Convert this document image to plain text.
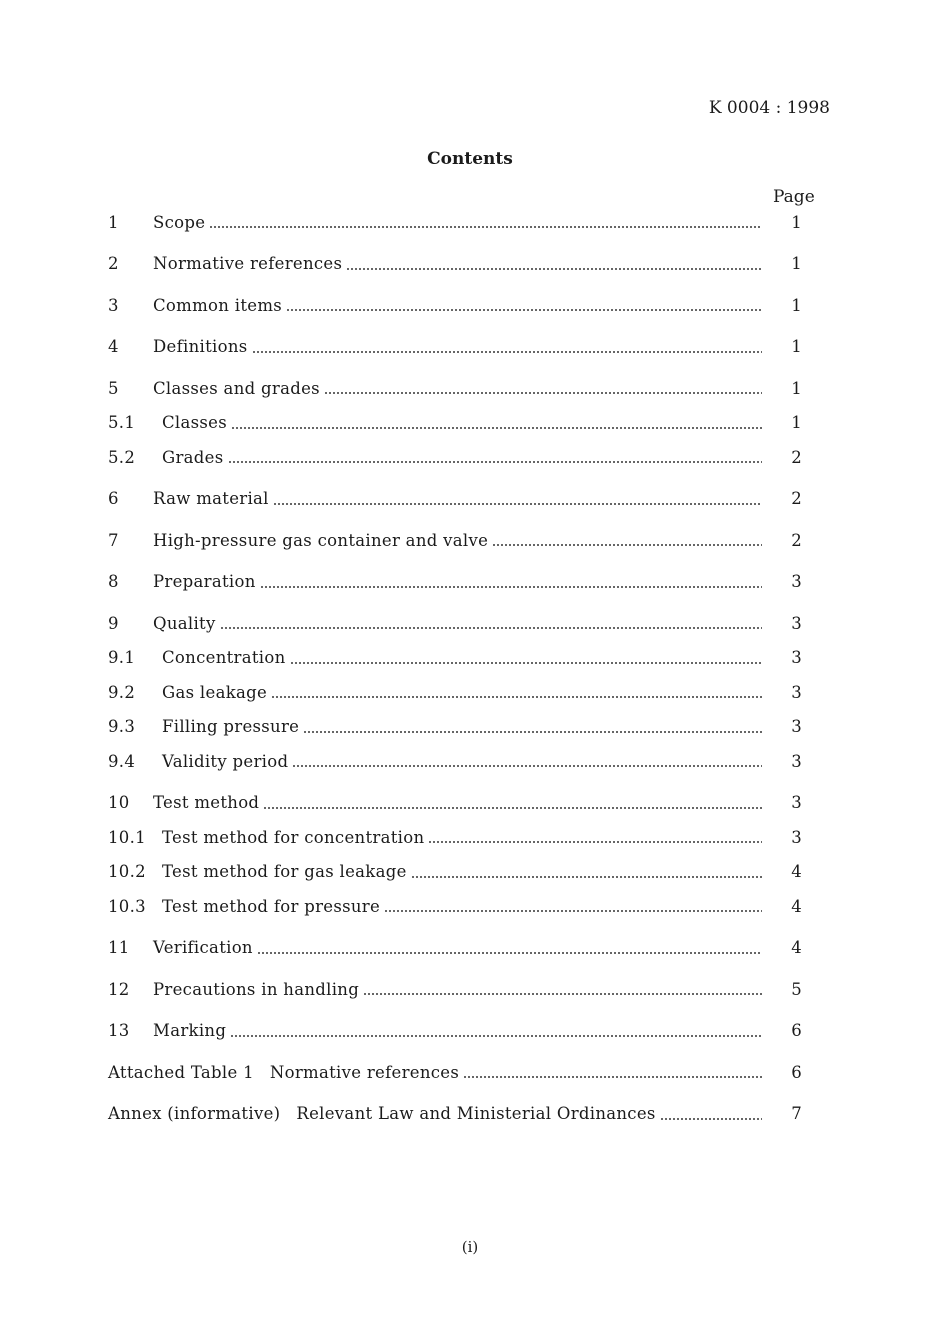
K 0004 : 1998
Contents
Page
1	Scope	1
2	Normative references	1
3	Common items	1
4	Definitions	1
5	Classes and grades	1
5.1	Classes	1
5.2	Grades	2
6	Raw material	2
7	High-pressure gas container and valve	2
8	Preparation	3
9	Quality	3
9.1	Concentration	3
9.2	Gas leakage	3
9.3	Filling pressure	3
9.4	Validity period	3
10	Test method	3
10.1 Test method for concentration	3
10.2 Test method for gas leakage	4
10.3 Test method for pressure	4
11	Verification	4
12	Precautions in handling	5
13	Marking	6
Attached Table 1 Normative references	6
Annex (informative) Relevant Law and Ministerial Ordinances	7
(i)
